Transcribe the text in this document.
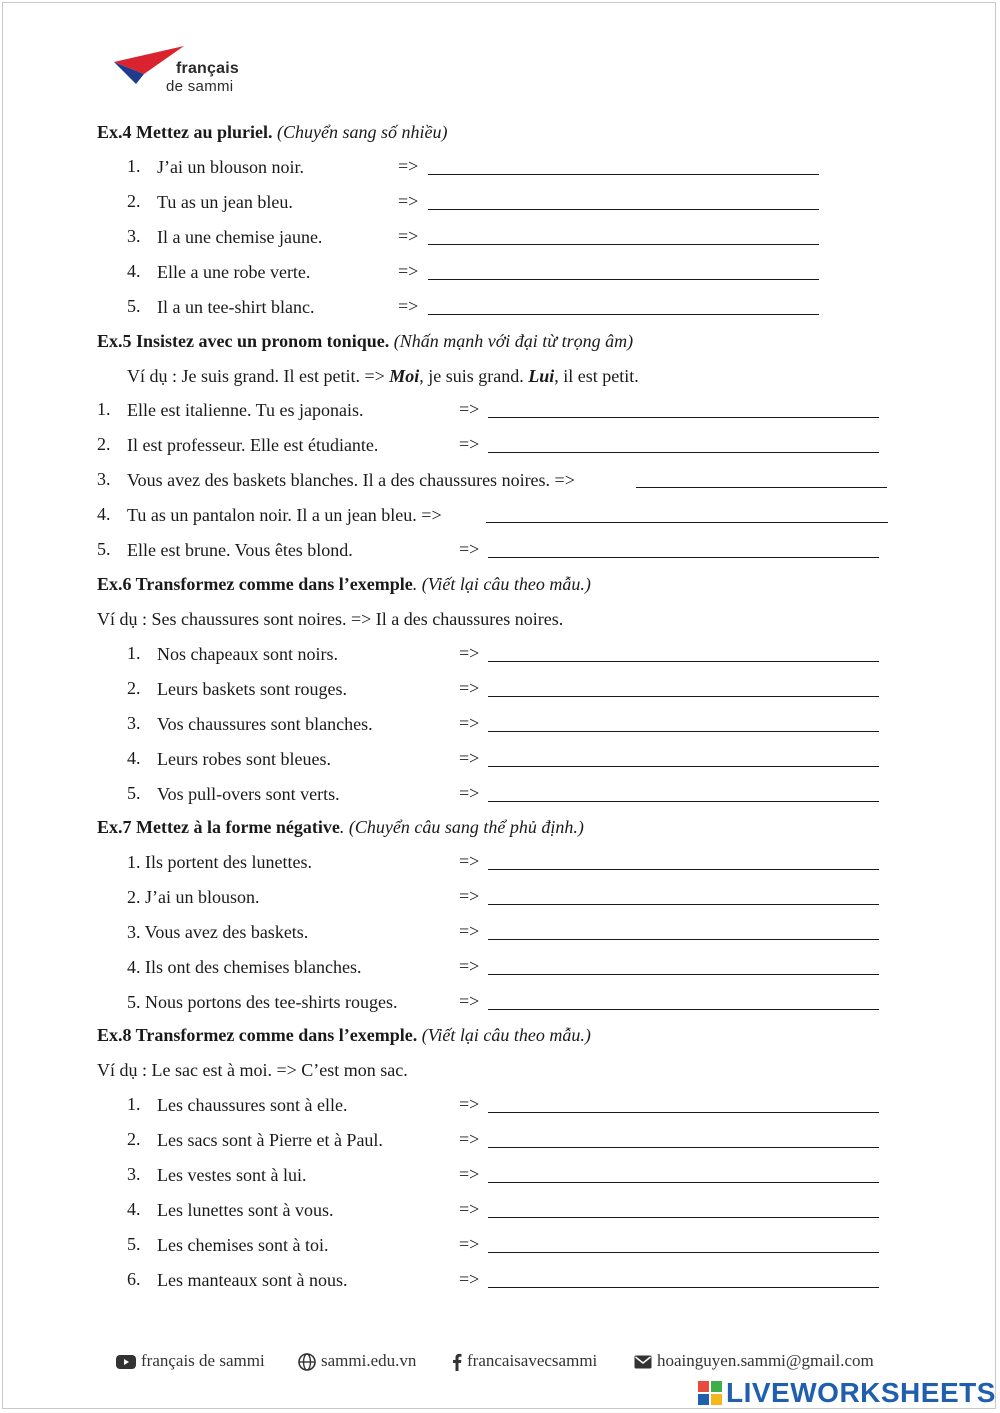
français
de sammi
Ex.4 Mettez au pluriel. (Chuyển sang số nhiều)
1. J’ai un blouson noir.	=>
2. Tu as un jean bleu.	=>
3. Il a une chemise jaune.	=>
4. Elle a une robe verte.	=>
5. Il a un tee-shirt blanc.	=>
Ex.5 Insistez avec un pronom tonique. (Nhấn mạnh với đại từ trọng âm)
Ví dụ : Je suis grand. Il est petit. => Moi, je suis grand. Lui, il est petit.
1. Elle est italienne. Tu es japonais.	=>
2. Il est professeur. Elle est étudiante.	=>
3. Vous avez des baskets blanches. Il a des chaussures noires. =>
4. Tu as un pantalon noir. Il a un jean bleu. =>
5. Elle est brune. Vous êtes blond.	=>
Ex.6 Transformez comme dans l’exemple. (Viết lại câu theo mẫu.)
Ví dụ : Ses chaussures sont noires. => Il a des chaussures noires.
1. Nos chapeaux sont noirs.	=>
2. Leurs baskets sont rouges.	=>
3. Vos chaussures sont blanches.	=>
4. Leurs robes sont bleues.	=>
5. Vos pull-overs sont verts.	=>
Ex.7 Mettez à la forme négative. (Chuyển câu sang thể phủ định.)
1. Ils portent des lunettes.	=>
2. J’ai un blouson.	=>
3. Vous avez des baskets.	=>
4. Ils ont des chemises blanches.	=>
5. Nous portons des tee-shirts rouges.	=>
Ex.8 Transformez comme dans l’exemple. (Viết lại câu theo mẫu.)
Ví dụ : Le sac est à moi. => C’est mon sac.
1. Les chaussures sont à elle.	=>
2. Les sacs sont à Pierre et à Paul.	=>
3. Les vestes sont à lui.	=>
4. Les lunettes sont à vous.	=>
5. Les chemises sont à toi.	=>
6. Les manteaux sont à nous.	=>
français de sammi	sammi.edu.vn	francaisavecsammi	hoainguyen.sammi@gmail.com
LIVEWORKSHEETS
